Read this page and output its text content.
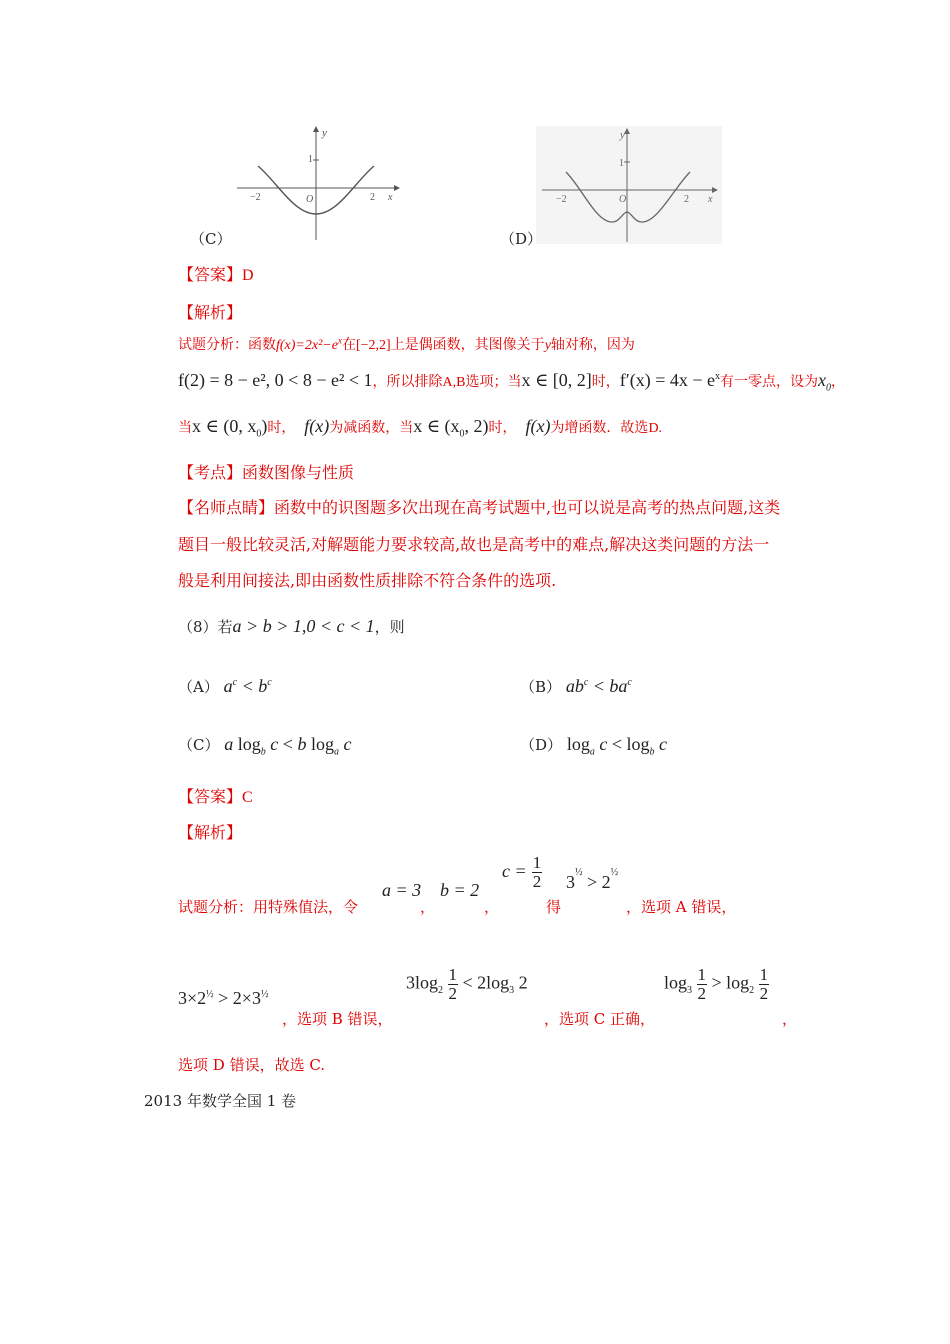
y
1
O
−2	2 x
（C）
y
1
O
−2	2 x
（D）
【答案】D
【解析】
试题分析：函数$f(x)=2x^2-e^x$在[−2,2]上是偶函数，其图像关于y轴对称，因为
f(2) = 8 − e², 0 < 8 − e² < 1，所以排除A,B选项；当x ∈ [0, 2]时，$f'(x) = 4x - e^x$有一零点，设为$x_0$，
当x ∈ (0, $x_0$)时， f(x)为减函数，当x ∈ ($x_0$, 2)时， f(x)为增函数．故选D.
【考点】函数图像与性质
【名师点睛】函数中的识图题多次出现在高考试题中,也可以说是高考的热点问题,这类
题目一般比较灵活,对解题能力要求较高,故也是高考中的难点,解决这类问题的方法一
般是利用间接法,即由函数性质排除不符合条件的选项.
（8）若a > b > 1,0 < c < 1，则
（A） $a^c < b^c$	（B） $ab^c < ba^c$
（C） a $\log_b c < b$ $\log_a c$	（D） $\log_a c < \log_b c$
【答案】C
【解析】
试题分析：用特殊值法，令
a = 3
，
b = 2
，
$c = \frac{1}{2}$
得
$3^{\frac{1}{2}} > 2^{\frac{1}{2}}$
，选项 A 错误，
$3\times 2^{\frac{1}{2}} > 2\times 3^{\frac{1}{2}}$
，选项 B 错误，
$3\log_2 \frac{1}{2} < 2\log_3$ 2
，选项 C 正确，
$\log_3 \frac{1}{2} > \log_2 \frac{1}{2}$
，
选项 D 错误，故选 C.
2013 年数学全国 1 卷
